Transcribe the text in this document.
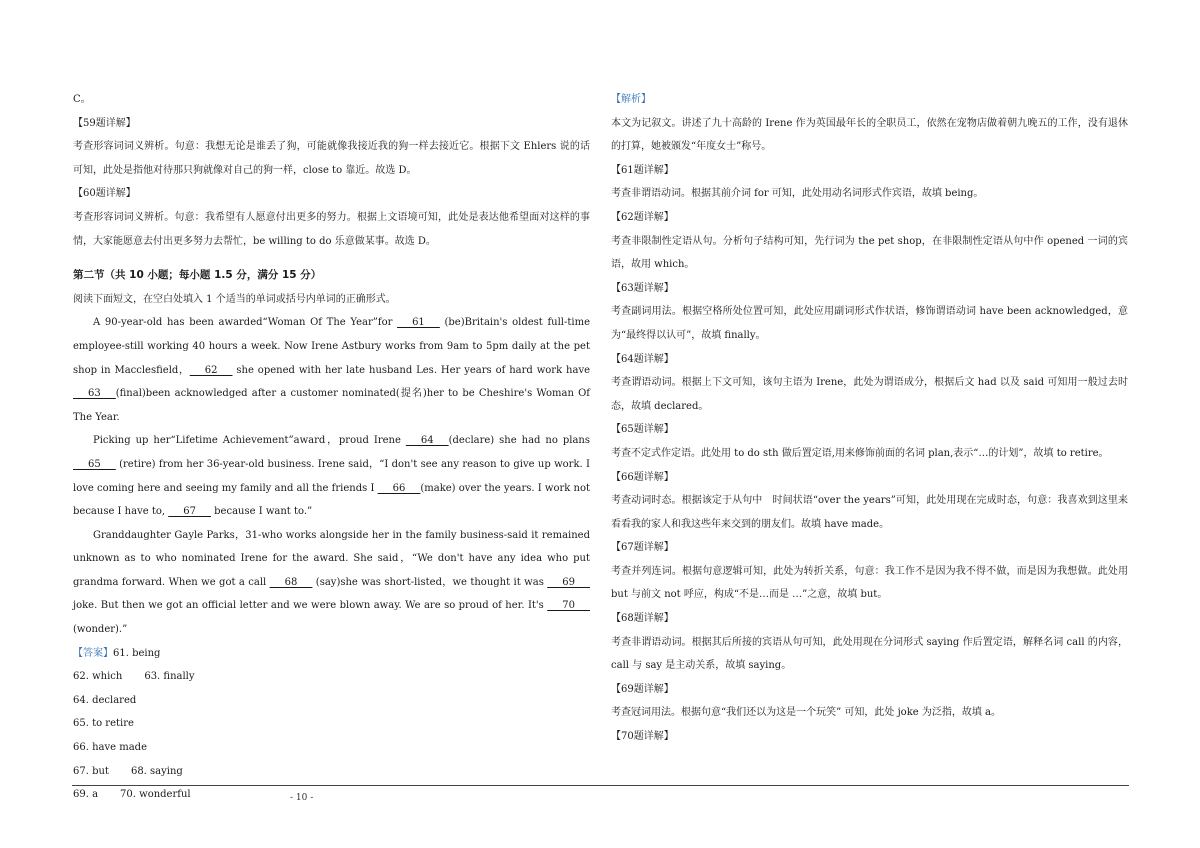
C。

【59题详解】

考查形容词词义辨析。句意：我想无论是谁丢了狗，可能就像我接近我的狗一样去接近它。根据下文 Ehlers 说的话可知，此处是指他对待那只狗就像对自己的狗一样，close to 靠近。故选 D。

【60题详解】

考查形容词词义辨析。句意：我希望有人愿意付出更多的努力。根据上文语境可知，此处是表达他希望面对这样的事情，大家能愿意去付出更多努力去帮忙，be willing to do 乐意做某事。故选 D。

第二节（共 10 小题；每小题 1.5 分，满分 15 分）

阅读下面短文，在空白处填入 1 个适当的单词或括号内单词的正确形式。

A 90-year-old has been awarded“Woman Of The Year”for ___61___ (be)Britain's oldest full-time employee-still working 40 hours a week. Now Irene Astbury works from 9am to 5pm daily at the pet shop in Macclesfield，___62___ she opened with her late husband Les. Her years of hard work have ___63___(final)been acknowledged after a customer nominated(提名)her to be Cheshire's Woman Of The Year.

Picking up her“Lifetime Achievement”award，proud Irene ___64___(declare) she had no plans ___65___ (retire) from her 36-year-old business. Irene said，“I don't see any reason to give up work. I love coming here and seeing my family and all the friends I ___66___(make) over the years. I work not because I have to, ___67___ because I want to.”

Granddaughter Gayle Parks，31-who works alongside her in the family business-said it remained unknown as to who nominated Irene for the award. She said，“We don't have any idea who put grandma forward. When we got a call ___68___ (say)she was short-listed，we thought it was ___69___ joke. But then we got an official letter and we were blown away. We are so proud of her. It's ___70___ (wonder).”

【答案】61. being

62. which 63. finally

64. declared

65. to retire

66. have made

67. but 68. saying

69. a 70. wonderful

【解析】

本文为记叙文。讲述了九十高龄的 Irene 作为英国最年长的全职员工，依然在宠物店做着朝九晚五的工作，没有退休的打算，她被颁发“年度女士”称号。

【61题详解】

考查非谓语动词。根据其前介词 for 可知，此处用动名词形式作宾语，故填 being。

【62题详解】

考查非限制性定语从句。分析句子结构可知，先行词为 the pet shop，在非限制性定语从句中作 opened 一词的宾语，故用 which。

【63题详解】

考查副词用法。根据空格所处位置可知，此处应用副词形式作状语，修饰谓语动词 have been acknowledged，意为“最终得以认可”，故填 finally。

【64题详解】

考查谓语动词。根据上下文可知，该句主语为 Irene，此处为谓语成分，根据后文 had 以及 said 可知用一般过去时态，故填 declared。

【65题详解】

考查不定式作定语。此处用 to do sth 做后置定语,用来修饰前面的名词 plan,表示“…的计划”，故填 to retire。

【66题详解】

考查动词时态。根据该定于从句中　时间状语“over the years”可知，此处用现在完成时态，句意：我喜欢到这里来看看我的家人和我这些年来交到的朋友们。故填 have made。

【67题详解】

考查并列连词。根据句意逻辑可知，此处为转折关系，句意：我工作不是因为我不得不做，而是因为我想做。此处用 but 与前文 not 呼应，构成“不是…而是 …”之意，故填 but。

【68题详解】

考查非谓语动词。根据其后所接的宾语从句可知，此处用现在分词形式 saying 作后置定语，解释名词 call 的内容，call 与 say 是主动关系，故填 saying。

【69题详解】

考查冠词用法。根据句意“我们还以为这是一个玩笑” 可知，此处 joke 为泛指，故填 a。

【70题详解】

- 10 -
